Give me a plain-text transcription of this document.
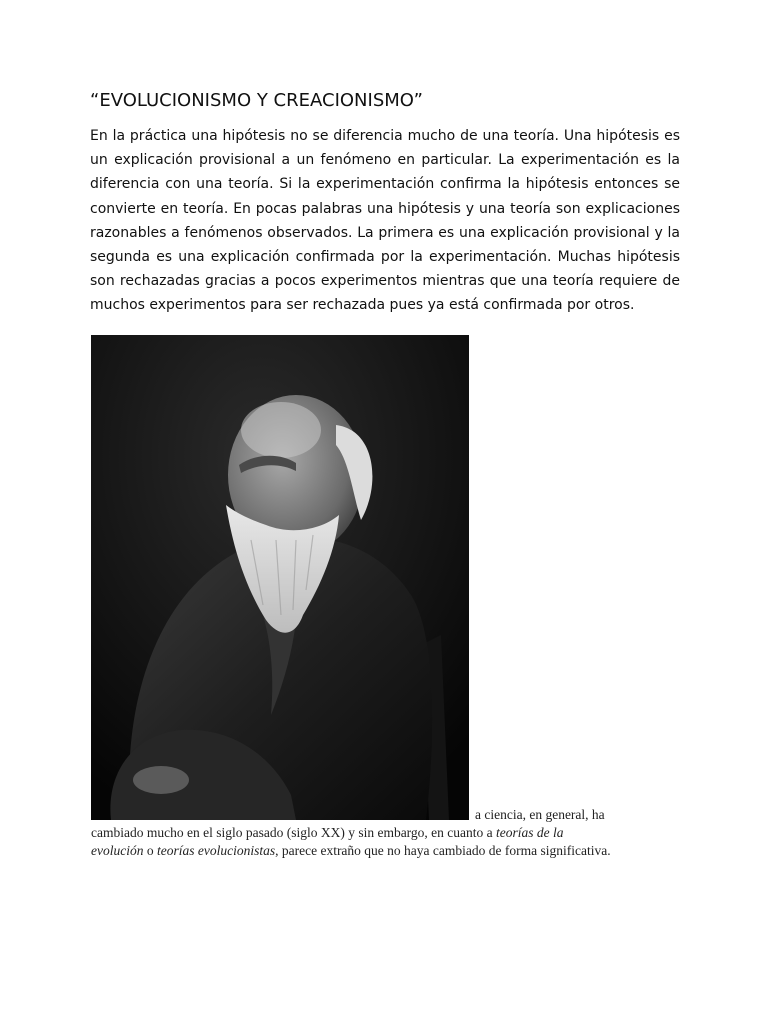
“EVOLUCIONISMO Y CREACIONISMO”

En la práctica una hipótesis no se diferencia mucho de una teoría. Una hipótesis es un explicación provisional a un fenómeno en particular. La experimentación es la diferencia con una teoría. Si la experimentación confirma la hipótesis entonces se convierte en teoría. En pocas palabras una hipótesis y una teoría son explicaciones razonables a fenómenos observados. La primera es una explicación provisional y la segunda es una explicación confirmada por la experimentación. Muchas hipótesis son rechazadas gracias a pocos experimentos mientras que una teoría requiere de muchos experimentos para ser rechazada pues ya está confirmada por otros.

a ciencia, en general, ha
cambiado mucho en el siglo pasado (siglo XX) y sin embargo, en cuanto a teorías de la
evolución o teorías evolucionistas, parece extraño que no haya cambiado de forma significativa.
